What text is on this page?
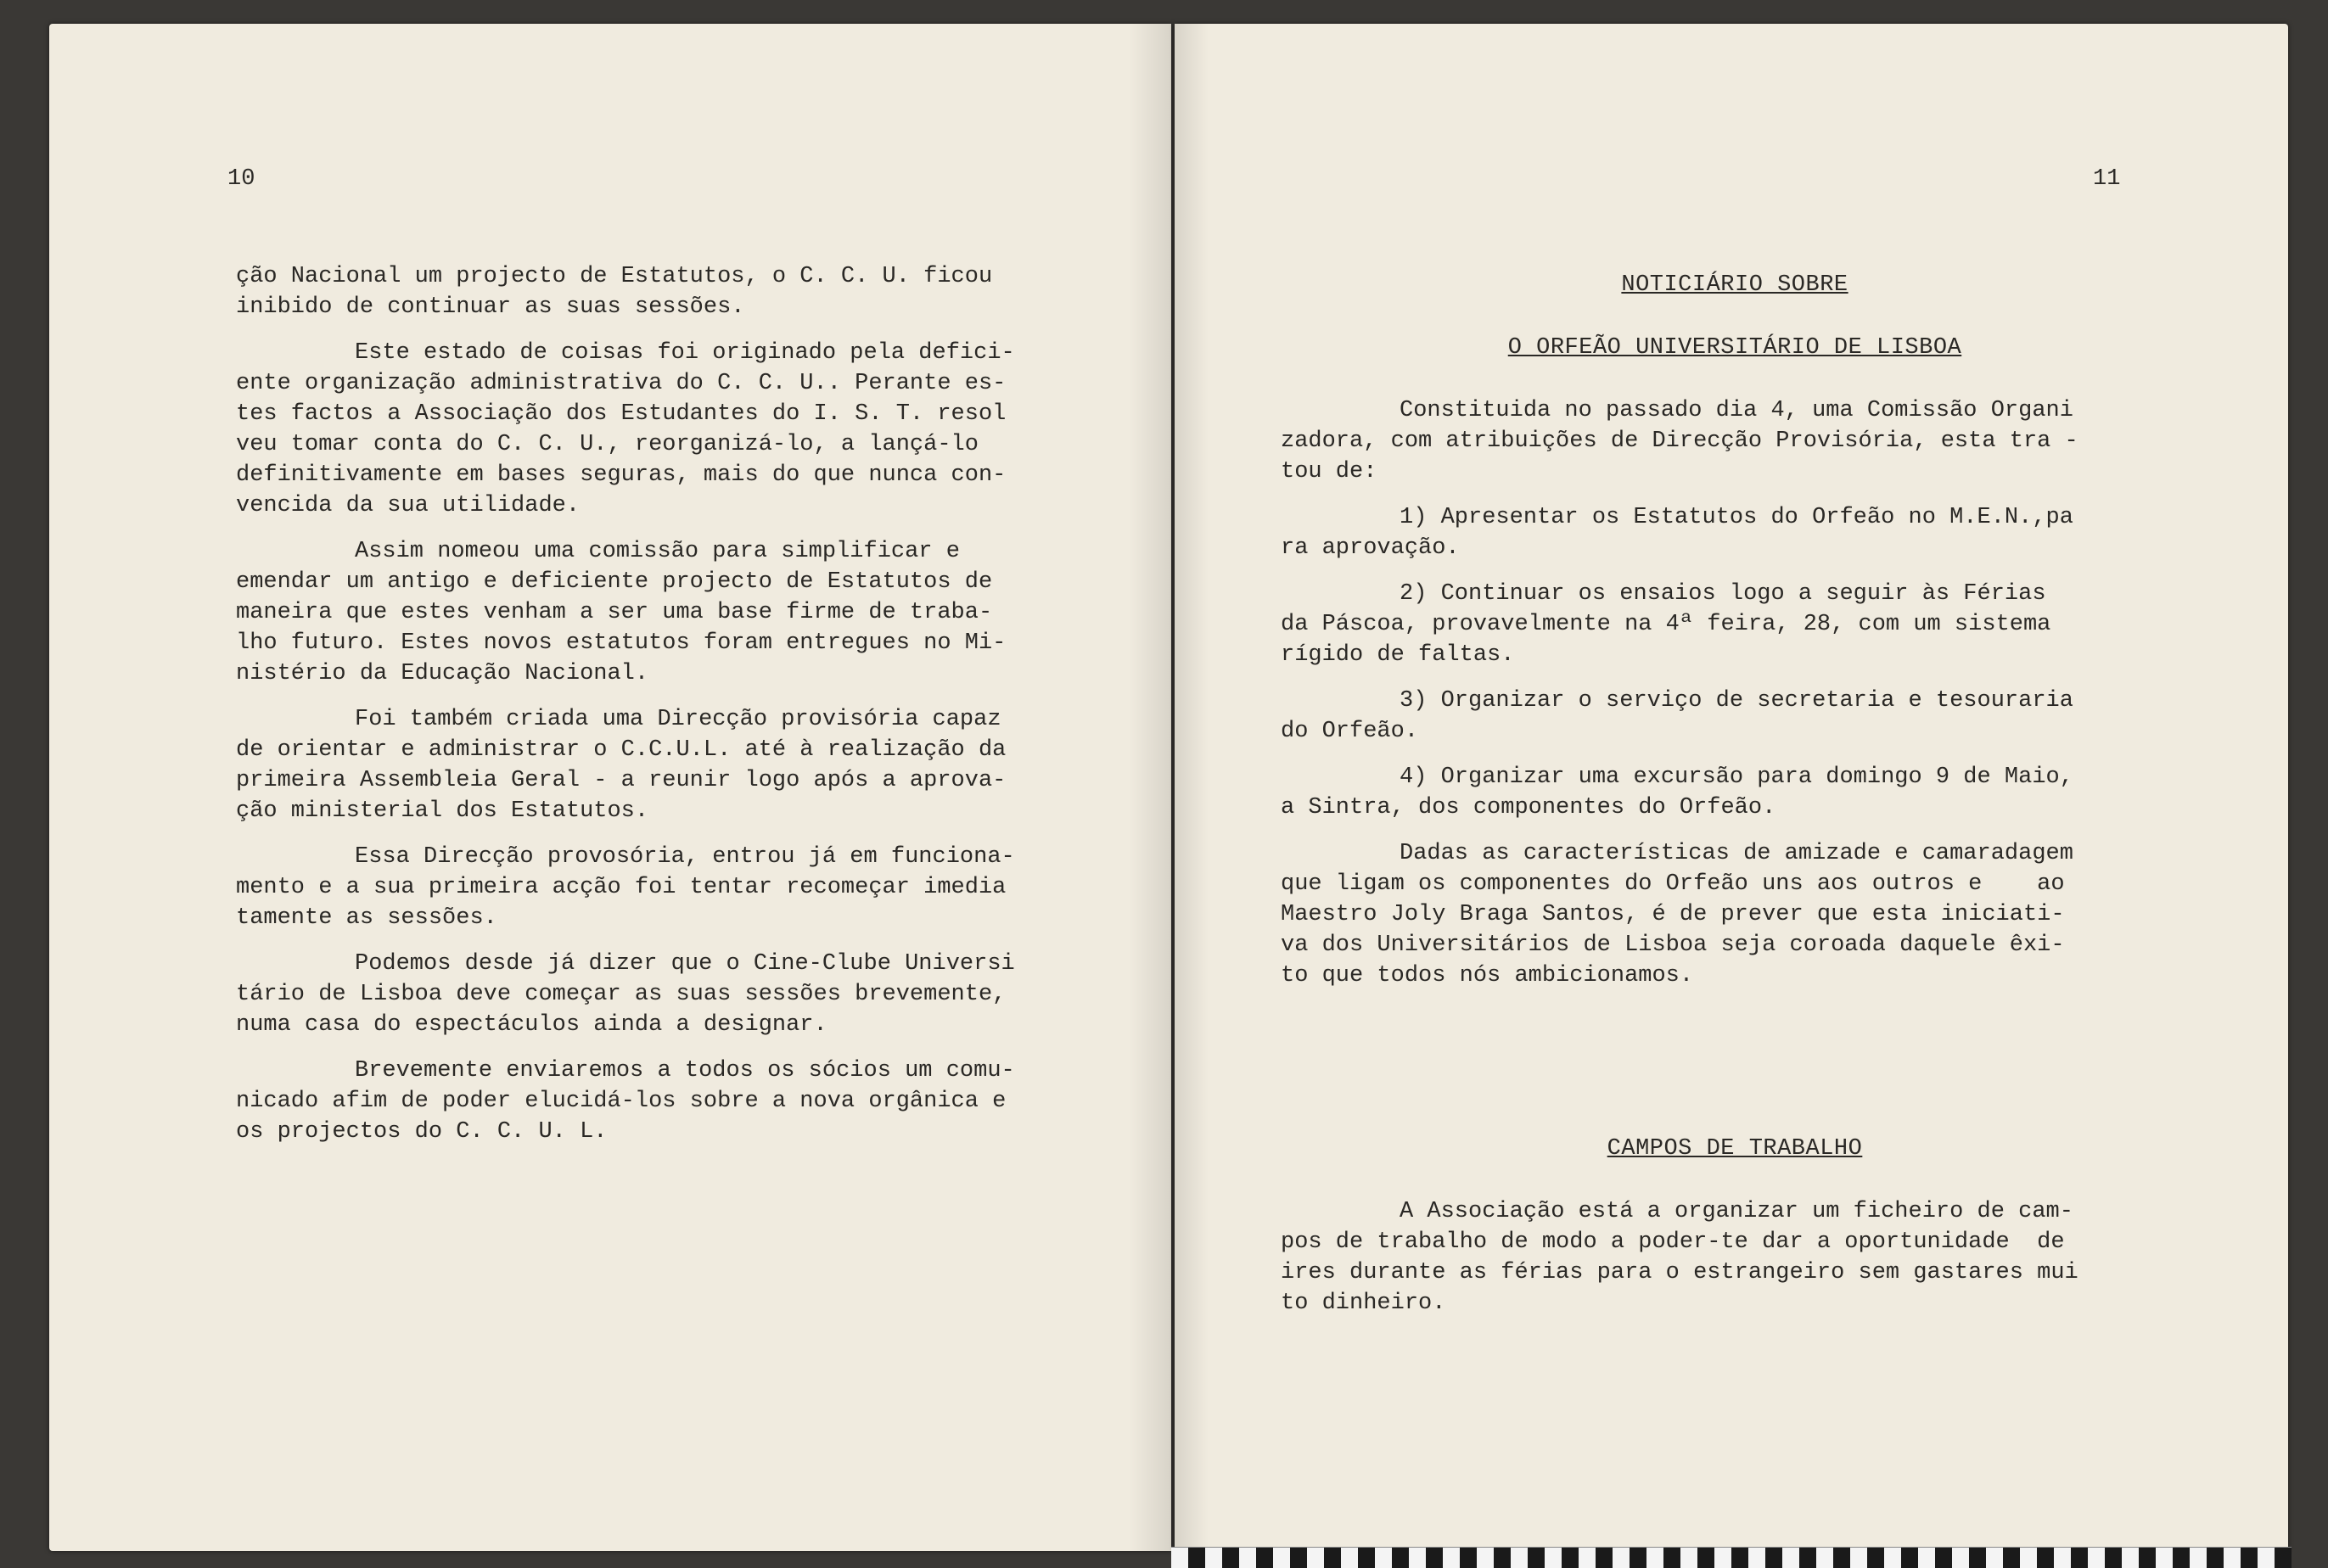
10
ção Nacional um projecto de Estatutos, o C. C. U. ficou
inibido de continuar as suas sessões.
Este estado de coisas foi originado pela defici-
ente organização administrativa do C. C. U.. Perante es-
tes factos a Associação dos Estudantes do I. S. T. resol
veu tomar conta do C. C. U., reorganizá-lo, a lançá-lo
definitivamente em bases seguras, mais do que nunca con-
vencida da sua utilidade.
Assim nomeou uma comissão para simplificar e
emendar um antigo e deficiente projecto de Estatutos de
maneira que estes venham a ser uma base firme de traba-
lho futuro. Estes novos estatutos foram entregues no Mi-
nistério da Educação Nacional.
Foi também criada uma Direcção provisória capaz
de orientar e administrar o C.C.U.L. até à realização da
primeira Assembleia Geral - a reunir logo após a aprova-
ção ministerial dos Estatutos.
Essa Direcção provosória, entrou já em funciona-
mento e a sua primeira acção foi tentar recomeçar imedia
tamente as sessões.
Podemos desde já dizer que o Cine-Clube Universi
tário de Lisboa deve começar as suas sessões brevemente,
numa casa do espectáculos ainda a designar.
Brevemente enviaremos a todos os sócios um comu-
nicado afim de poder elucidá-los sobre a nova orgânica e
os projectos do C. C. U. L.
11
NOTICIÁRIO SOBRE
O ORFEÃO UNIVERSITÁRIO DE LISBOA
Constituida no passado dia 4, uma Comissão Organi
zadora, com atribuições de Direcção Provisória, esta tra -
tou de:
1) Apresentar os Estatutos do Orfeão no M.E.N.,pa
ra aprovação.
2) Continuar os ensaios logo a seguir às Férias
da Páscoa, provavelmente na 4ª feira, 28, com um sistema
rígido de faltas.
3) Organizar o serviço de secretaria e tesouraria
do Orfeão.
4) Organizar uma excursão para domingo 9 de Maio,
a Sintra, dos componentes do Orfeão.
Dadas as características de amizade e camaradagem
que ligam os componentes do Orfeão uns aos outros e    ao
Maestro Joly Braga Santos, é de prever que esta iniciati-
va dos Universitários de Lisboa seja coroada daquele êxi-
to que todos nós ambicionamos.
CAMPOS DE TRABALHO
A Associação está a organizar um ficheiro de cam-
pos de trabalho de modo a poder-te dar a oportunidade  de
ires durante as férias para o estrangeiro sem gastares mui
to dinheiro.
